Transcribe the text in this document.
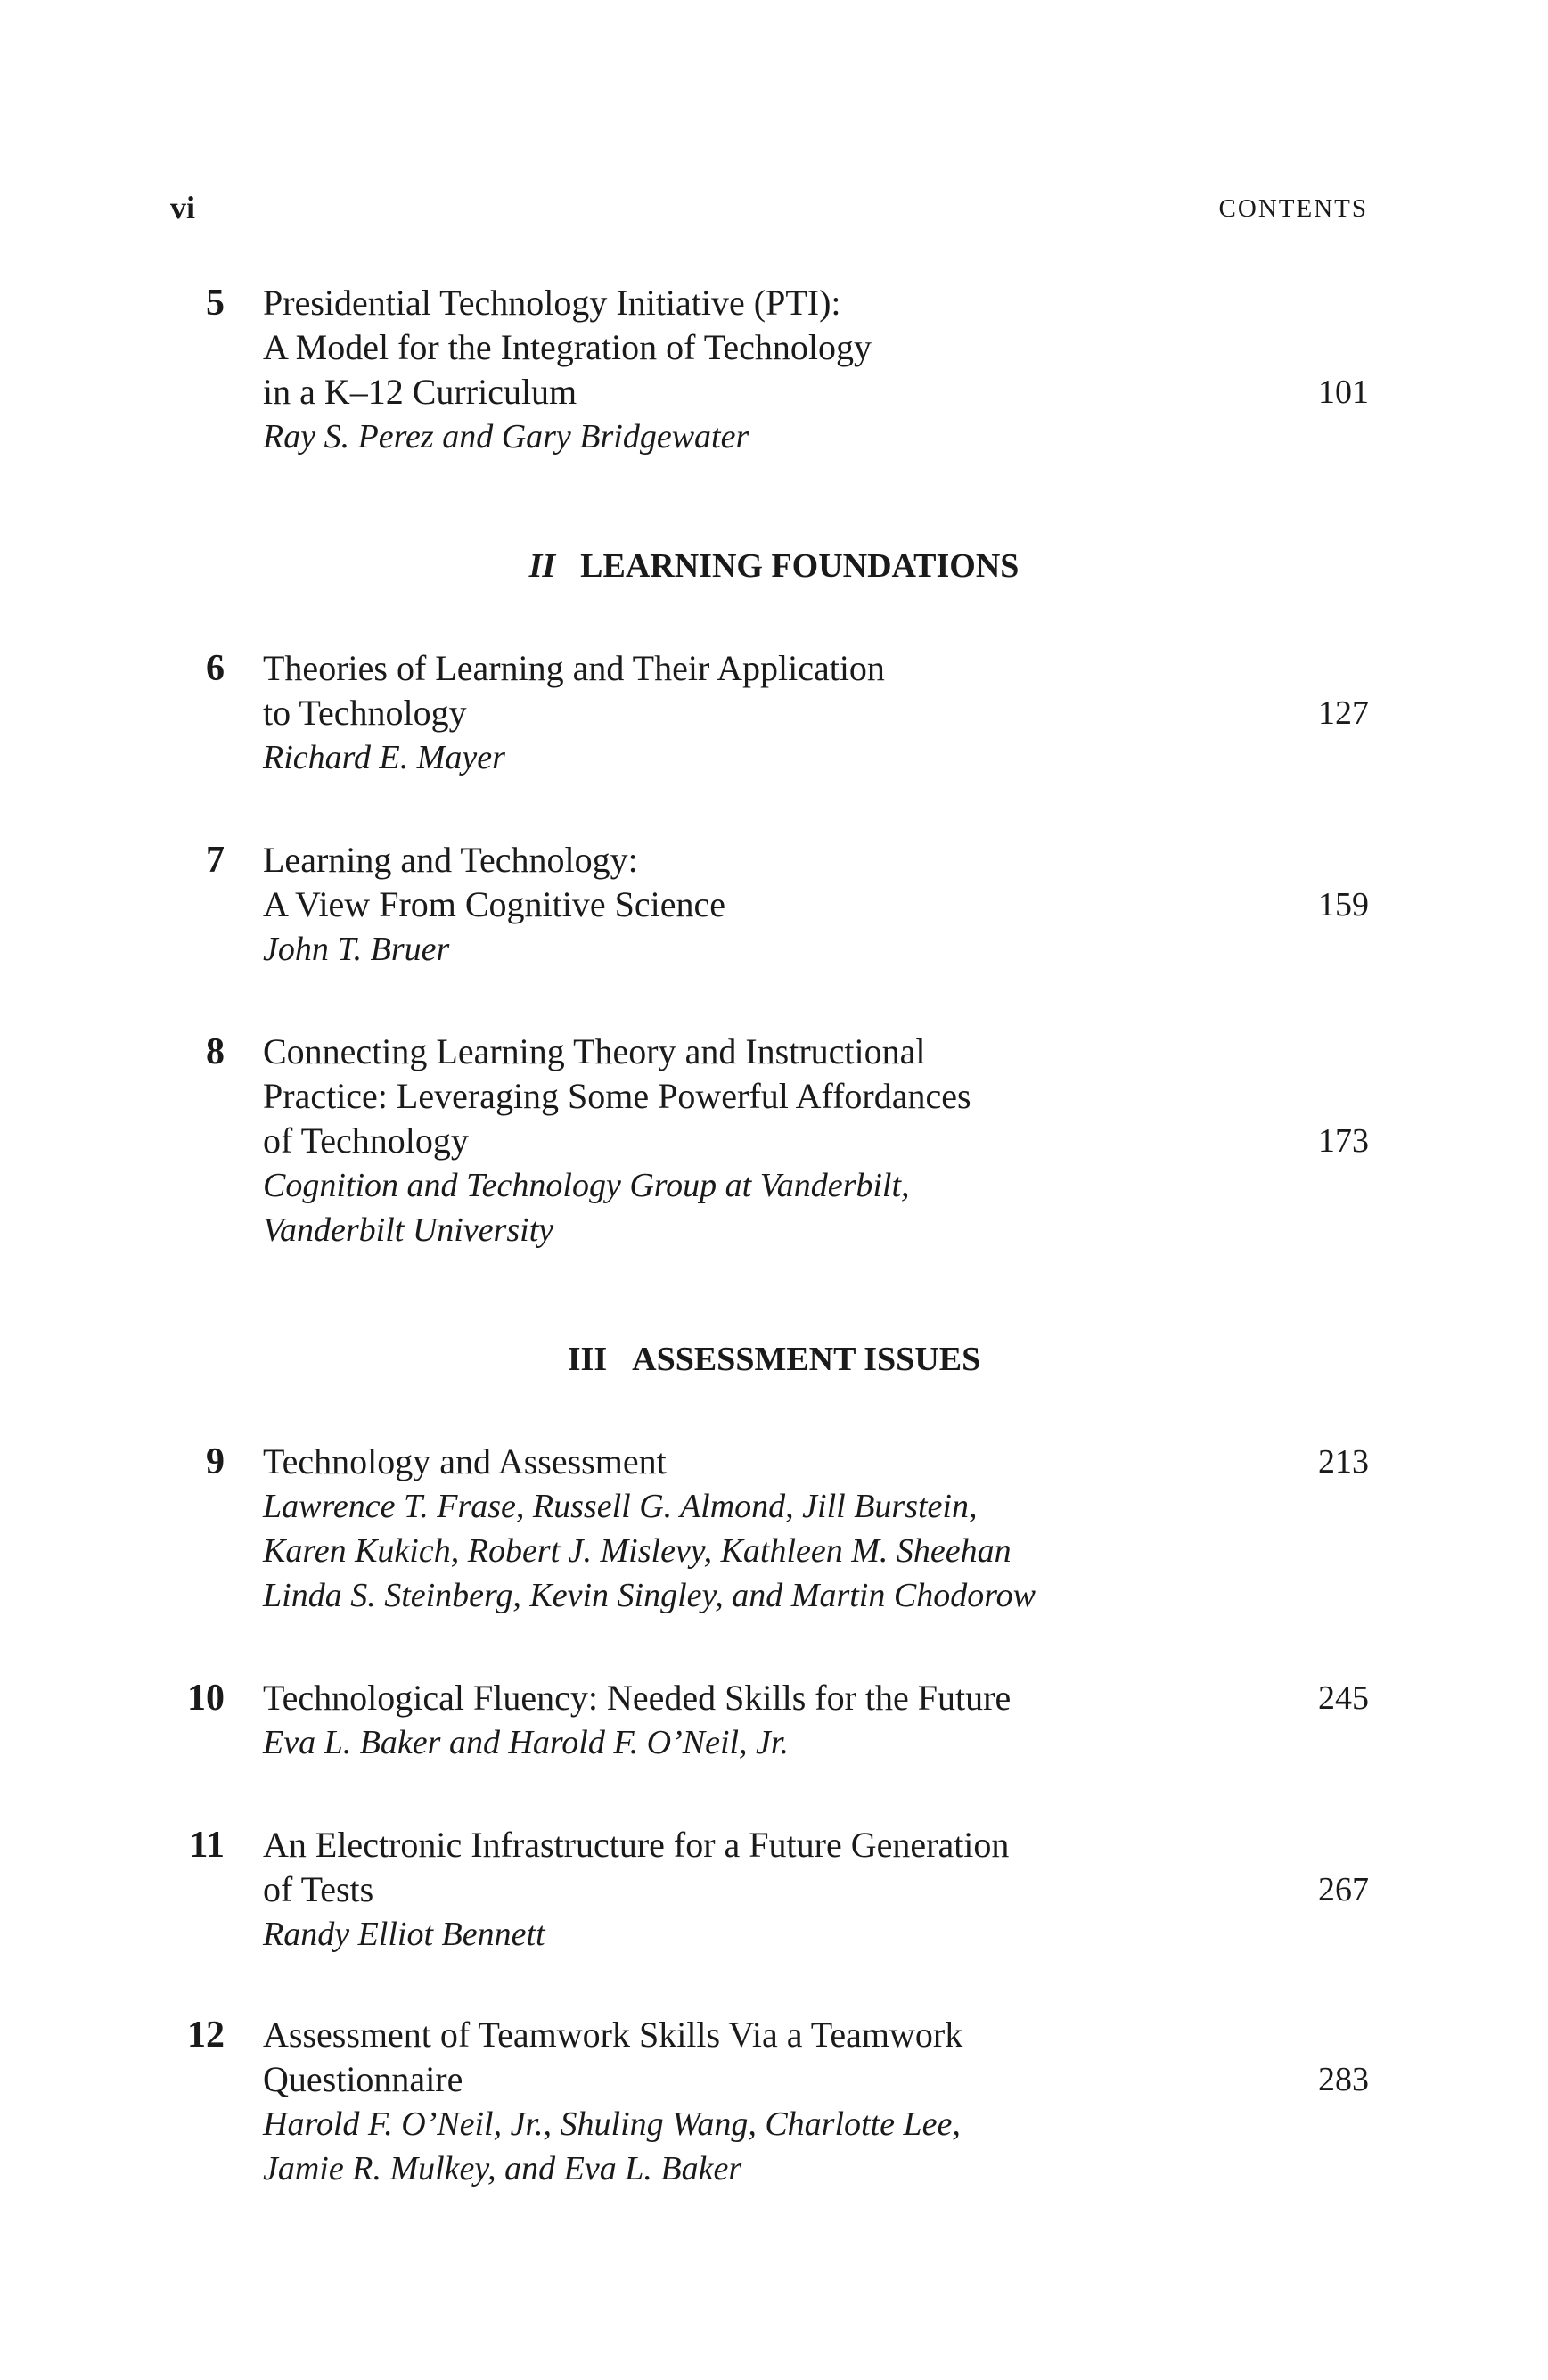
vi	CONTENTS
5 Presidential Technology Initiative (PTI):
A Model for the Integration of Technology
in a K–12 Curriculum
Ray S. Perez and Gary Bridgewater
101
II LEARNING FOUNDATIONS
6 Theories of Learning and Their Application
to Technology
Richard E. Mayer
127
7 Learning and Technology:
A View From Cognitive Science
John T. Bruer
159
8 Connecting Learning Theory and Instructional
Practice: Leveraging Some Powerful Affordances
of Technology
Cognition and Technology Group at Vanderbilt,
Vanderbilt University
173
III ASSESSMENT ISSUES
9 Technology and Assessment
Lawrence T. Frase, Russell G. Almond, Jill Burstein,
Karen Kukich, Robert J. Mislevy, Kathleen M. Sheehan
Linda S. Steinberg, Kevin Singley, and Martin Chodorow
213
10 Technological Fluency: Needed Skills for the Future
Eva L. Baker and Harold F. O’Neil, Jr.
245
11 An Electronic Infrastructure for a Future Generation
of Tests
Randy Elliot Bennett
267
12 Assessment of Teamwork Skills Via a Teamwork
Questionnaire
Harold F. O’Neil, Jr., Shuling Wang, Charlotte Lee,
Jamie R. Mulkey, and Eva L. Baker
283
